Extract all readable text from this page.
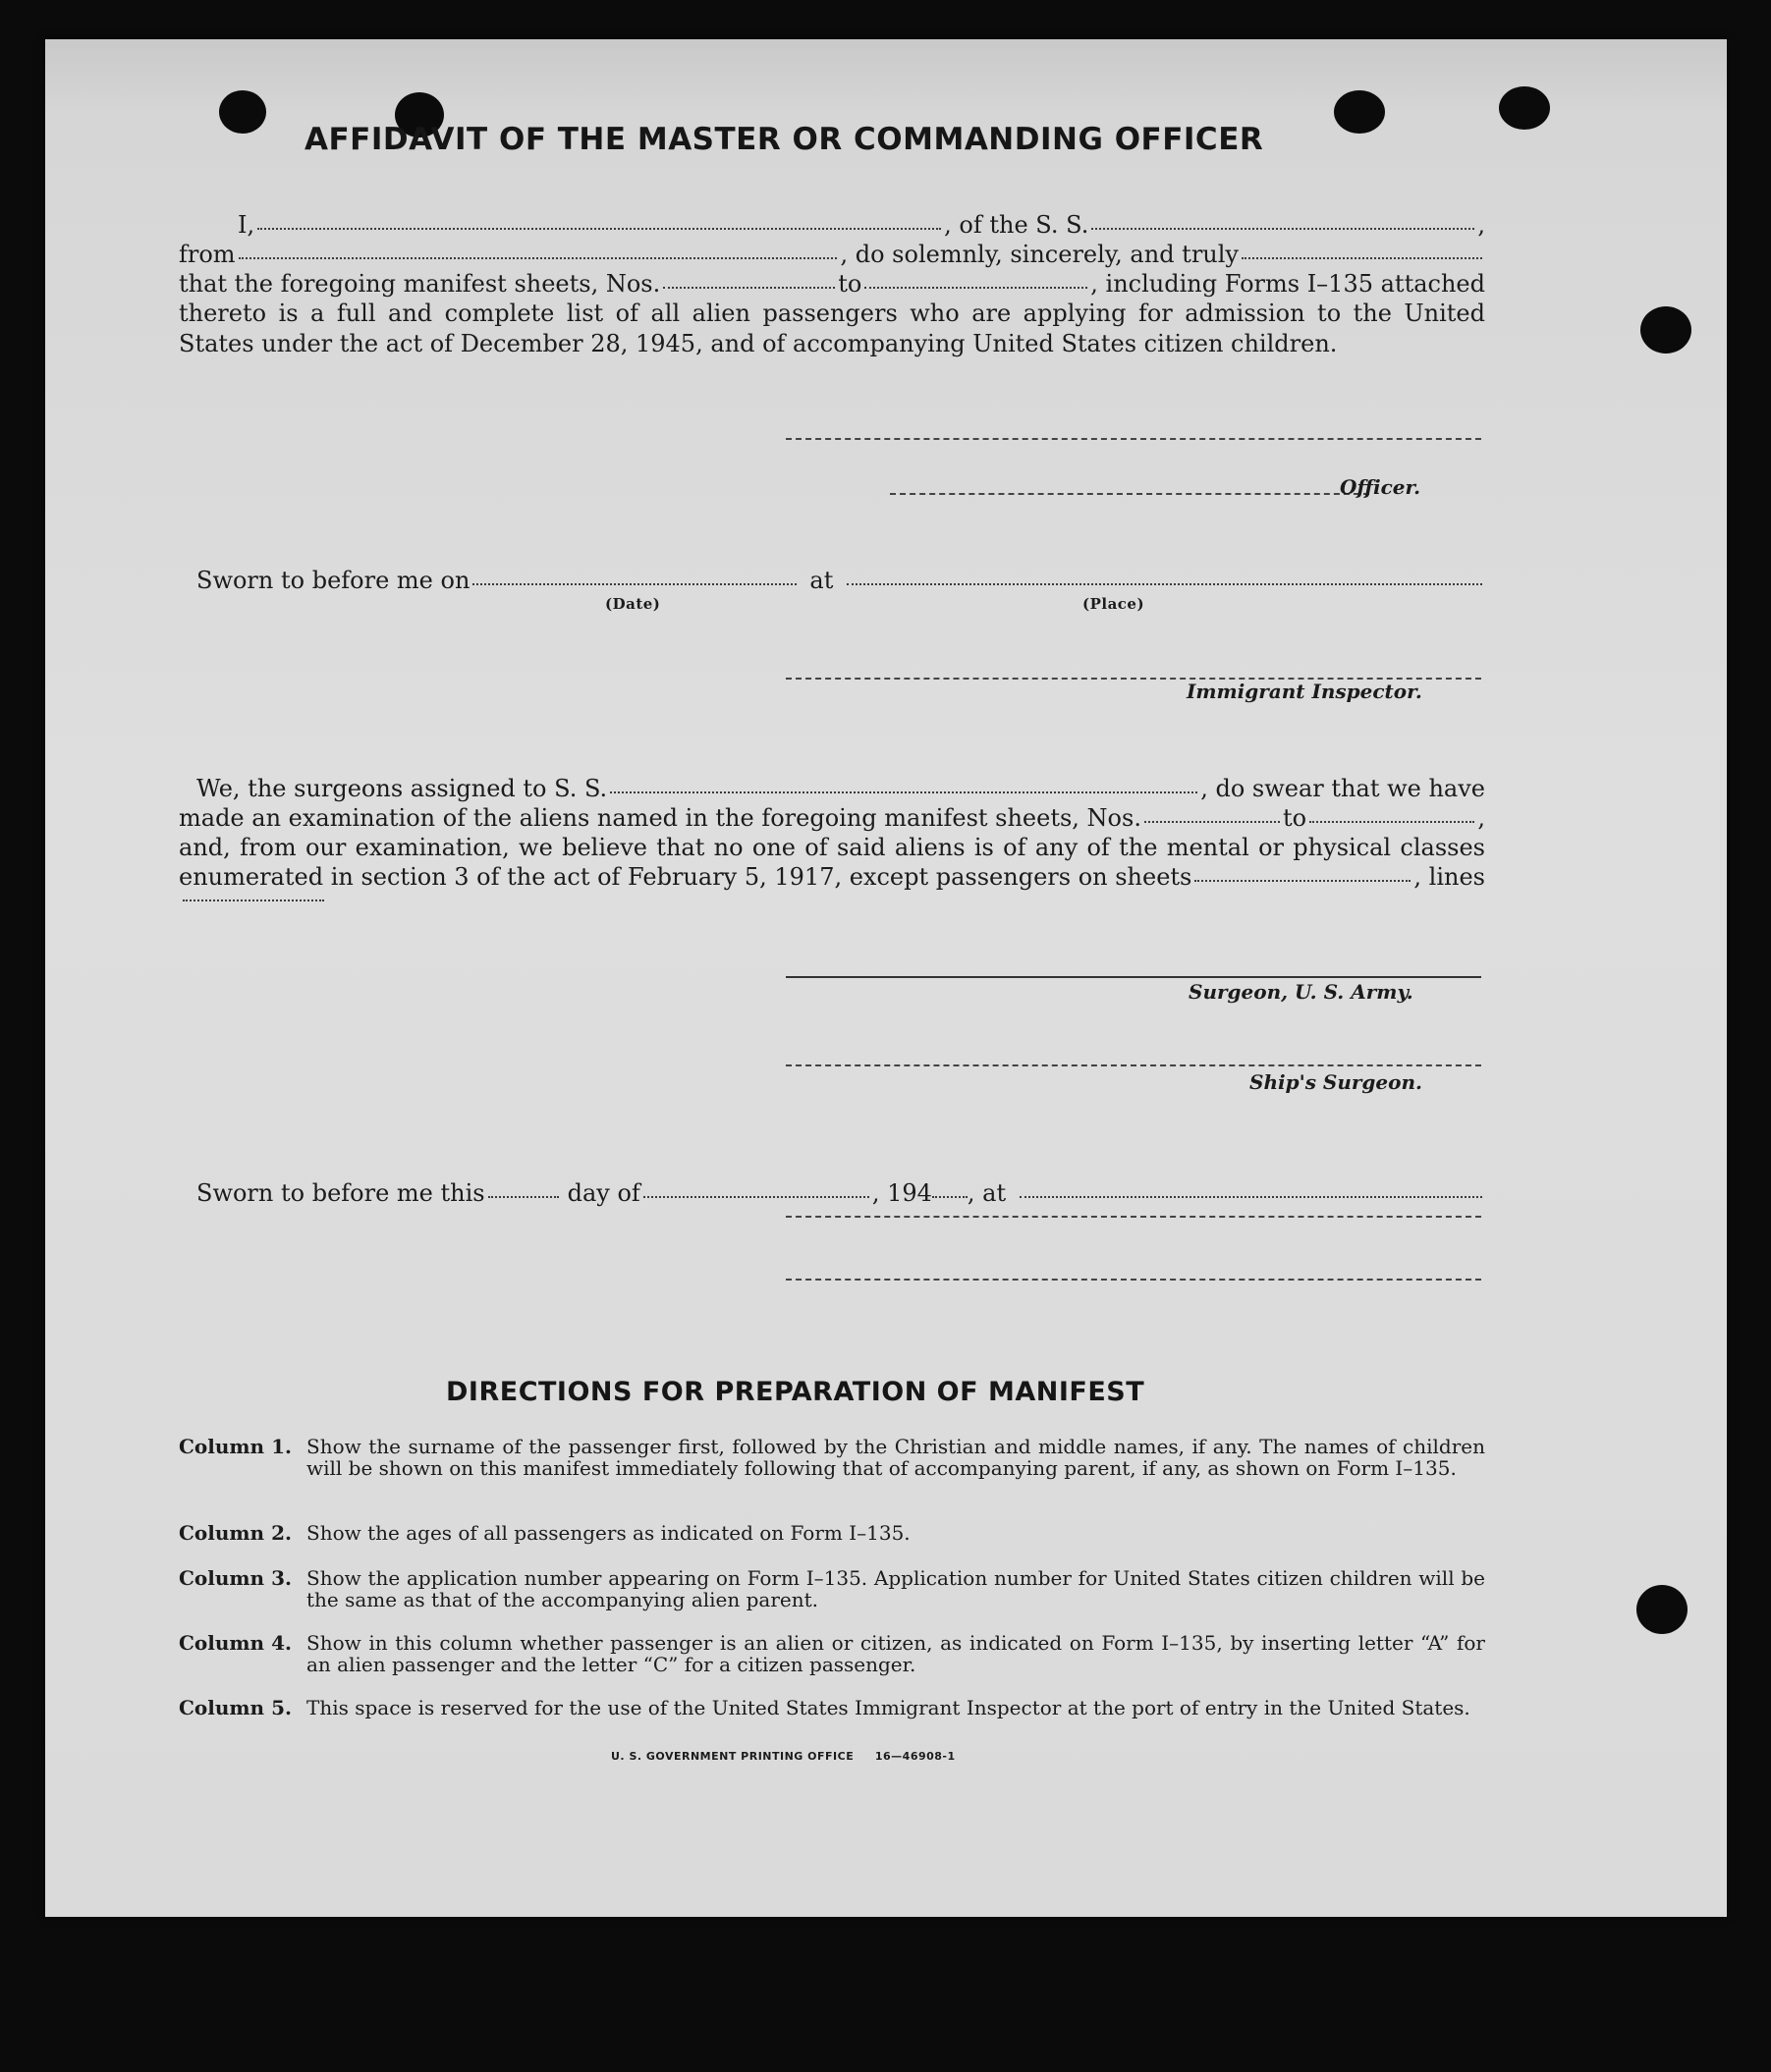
AFFIDAVIT OF THE MASTER OR COMMANDING OFFICER
I,	, of the S. S.	,
from	, do solemnly, sincerely, and truly
that the foregoing manifest sheets, Nos.	to	, including Forms I–135 attached
thereto is a full and complete list of all alien passengers who are applying for admission to the United
States under the act of December 28, 1945, and of accompanying United States citizen children.
Officer.
Sworn to before me on	at
(Date)	(Place)
Immigrant Inspector.
We, the surgeons assigned to S. S.	, do swear that we have
made an examination of the aliens named in the foregoing manifest sheets, Nos.	to	,
and, from our examination, we believe that no one of said aliens is of any of the mental or physical classes
enumerated in section 3 of the act of February 5, 1917, except passengers on sheets	, lines
Surgeon, U. S. Army.
Ship's Surgeon.
Sworn to before me this	day of	, 194 , at
DIRECTIONS FOR PREPARATION OF MANIFEST
Column 1. Show the surname of the passenger first, followed by the Christian and middle names, if any. The names of children will be shown on this manifest immediately following that of accompanying parent, if any, as shown on Form I–135.
Column 2. Show the ages of all passengers as indicated on Form I–135.
Column 3. Show the application number appearing on Form I–135. Application number for United States citizen children will be the same as that of the accompanying alien parent.
Column 4. Show in this column whether passenger is an alien or citizen, as indicated on Form I–135, by inserting letter “A” for an alien passenger and the letter “C” for a citizen passenger.
Column 5. This space is reserved for the use of the United States Immigrant Inspector at the port of entry in the United States.
U. S. GOVERNMENT PRINTING OFFICE     16—46908-1
